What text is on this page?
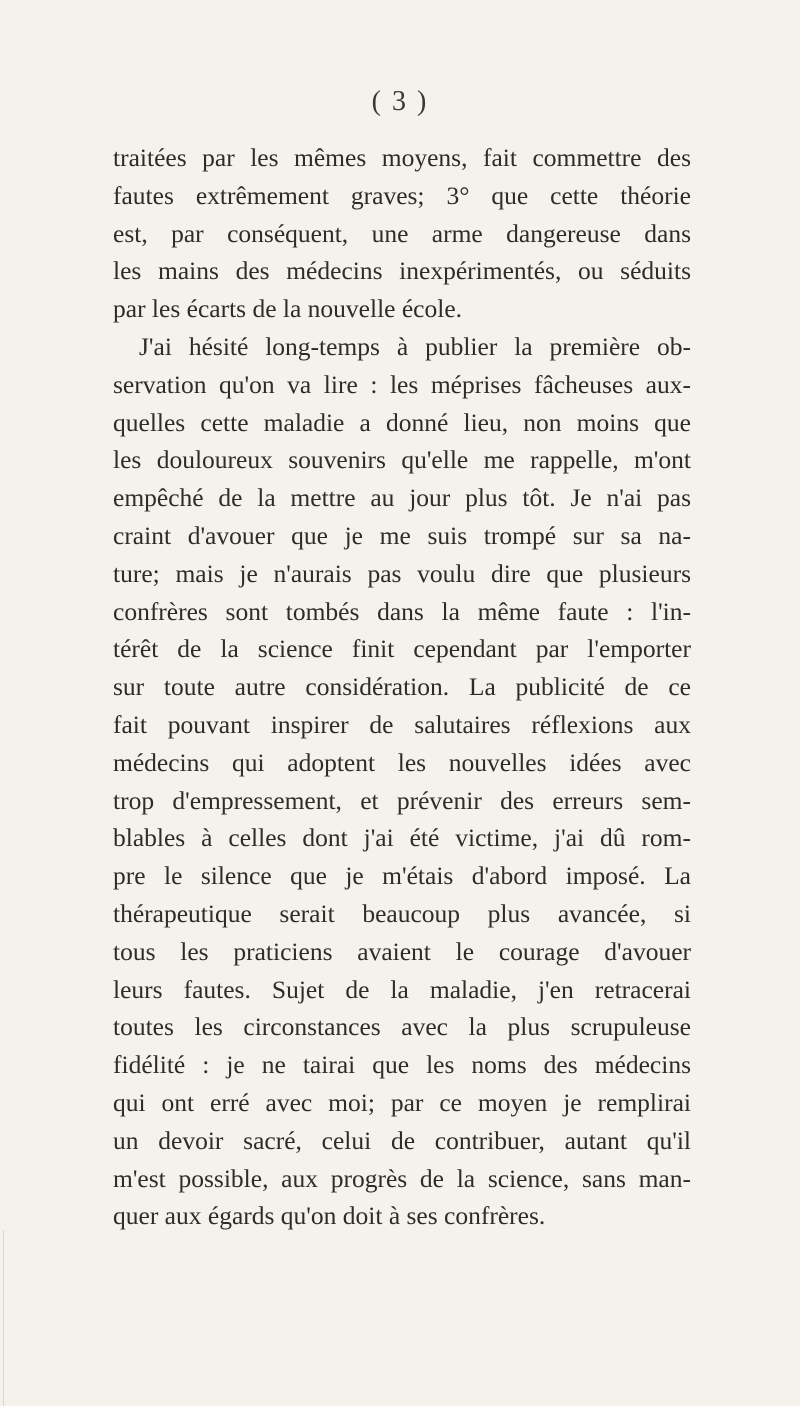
( 3 )
traitées par les mêmes moyens, fait commettre des
fautes extrêmement graves; 3° que cette théorie
est, par conséquent, une arme dangereuse dans
les mains des médecins inexpérimentés, ou séduits
par les écarts de la nouvelle école.
J'ai hésité long-temps à publier la première ob-
servation qu'on va lire : les méprises fâcheuses aux-
quelles cette maladie a donné lieu, non moins que
les douloureux souvenirs qu'elle me rappelle, m'ont
empêché de la mettre au jour plus tôt. Je n'ai pas
craint d'avouer que je me suis trompé sur sa na-
ture; mais je n'aurais pas voulu dire que plusieurs
confrères sont tombés dans la même faute : l'in-
térêt de la science finit cependant par l'emporter
sur toute autre considération. La publicité de ce
fait pouvant inspirer de salutaires réflexions aux
médecins qui adoptent les nouvelles idées avec
trop d'empressement, et prévenir des erreurs sem-
blables à celles dont j'ai été victime, j'ai dû rom-
pre le silence que je m'étais d'abord imposé. La
thérapeutique serait beaucoup plus avancée, si
tous les praticiens avaient le courage d'avouer
leurs fautes. Sujet de la maladie, j'en retracerai
toutes les circonstances avec la plus scrupuleuse
fidélité : je ne tairai que les noms des médecins
qui ont erré avec moi; par ce moyen je remplirai
un devoir sacré, celui de contribuer, autant qu'il
m'est possible, aux progrès de la science, sans man-
quer aux égards qu'on doit à ses confrères.
